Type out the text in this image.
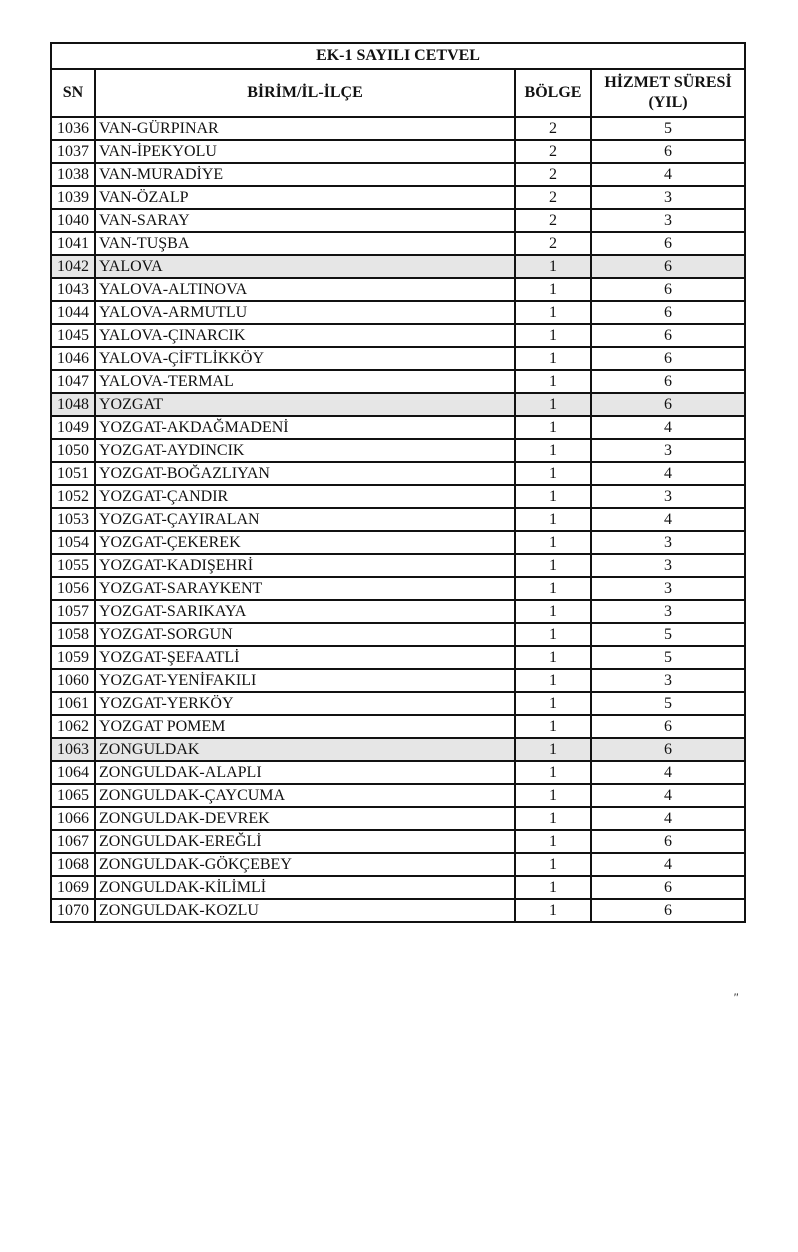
EK-1 SAYILI CETVEL			
SN	BİRİM/İL-İLÇE	BÖLGE	HİZMET SÜRESİ
(YIL)

1036	VAN-GÜRPINAR	2	5
1037	VAN-İPEKYOLU	2	6
1038	VAN-MURADİYE	2	4
1039	VAN-ÖZALP	2	3
1040	VAN-SARAY	2	3
1041	VAN-TUŞBA	2	6
1042	YALOVA	1	6
1043	YALOVA-ALTINOVA	1	6
1044	YALOVA-ARMUTLU	1	6
1045	YALOVA-ÇINARCIK	1	6
1046	YALOVA-ÇİFTLİKKÖY	1	6
1047	YALOVA-TERMAL	1	6
1048	YOZGAT	1	6
1049	YOZGAT-AKDAĞMADENİ	1	4
1050	YOZGAT-AYDINCIK	1	3
1051	YOZGAT-BOĞAZLIYAN	1	4
1052	YOZGAT-ÇANDIR	1	3
1053	YOZGAT-ÇAYIRALAN	1	4
1054	YOZGAT-ÇEKEREK	1	3
1055	YOZGAT-KADIŞEHRİ	1	3
1056	YOZGAT-SARAYKENT	1	3
1057	YOZGAT-SARIKAYA	1	3
1058	YOZGAT-SORGUN	1	5
1059	YOZGAT-ŞEFAATLİ	1	5
1060	YOZGAT-YENİFAKILI	1	3
1061	YOZGAT-YERKÖY	1	5
1062	YOZGAT POMEM	1	6
1063	ZONGULDAK	1	6
1064	ZONGULDAK-ALAPLI	1	4
1065	ZONGULDAK-ÇAYCUMA	1	4
1066	ZONGULDAK-DEVREK	1	4
1067	ZONGULDAK-EREĞLİ	1	6
1068	ZONGULDAK-GÖKÇEBEY	1	4
1069	ZONGULDAK-KİLİMLİ	1	6
1070	ZONGULDAK-KOZLU	1	6
"
